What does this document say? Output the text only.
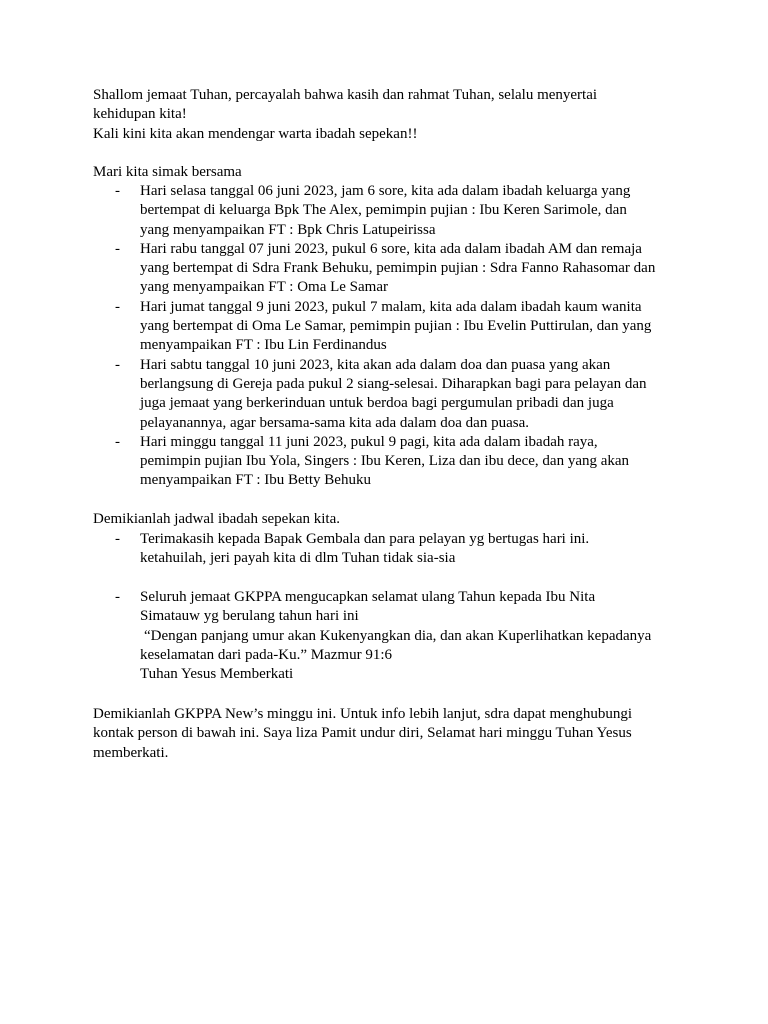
Shallom jemaat Tuhan, percayalah bahwa kasih dan rahmat Tuhan, selalu menyertai
kehidupan kita!
Kali kini kita akan mendengar warta ibadah sepekan!!

Mari kita simak bersama

- Hari selasa tanggal 06 juni 2023, jam 6 sore, kita ada dalam ibadah keluarga yang
bertempat di keluarga Bpk The Alex, pemimpin pujian : Ibu Keren Sarimole, dan
yang menyampaikan FT : Bpk Chris Latupeirissa
- Hari rabu tanggal 07 juni 2023, pukul 6 sore, kita ada dalam ibadah AM dan remaja
yang bertempat di Sdra Frank Behuku, pemimpin pujian : Sdra Fanno Rahasomar dan
yang menyampaikan FT : Oma Le Samar
- Hari jumat tanggal 9 juni 2023, pukul 7 malam, kita ada dalam ibadah kaum wanita
yang bertempat di Oma Le Samar, pemimpin pujian : Ibu Evelin Puttirulan, dan yang
menyampaikan FT : Ibu Lin Ferdinandus
- Hari sabtu tanggal 10 juni 2023, kita akan ada dalam doa dan puasa yang akan
berlangsung di Gereja pada pukul 2 siang-selesai. Diharapkan bagi para pelayan dan
juga jemaat yang berkerinduan untuk berdoa bagi pergumulan pribadi dan juga
pelayanannya, agar bersama-sama kita ada dalam doa dan puasa.
- Hari minggu tanggal 11 juni 2023, pukul 9 pagi, kita ada dalam ibadah raya,
pemimpin pujian Ibu Yola, Singers : Ibu Keren, Liza dan ibu dece, dan yang akan
menyampaikan FT : Ibu Betty Behuku

Demikianlah jadwal ibadah sepekan kita.

- Terimakasih kepada Bapak Gembala dan para pelayan yg bertugas hari ini.
ketahuilah, jeri payah kita di dlm Tuhan tidak sia-sia
- Seluruh jemaat GKPPA mengucapkan selamat ulang Tahun kepada Ibu Nita
Simatauw yg berulang tahun hari ini
“Dengan panjang umur akan Kukenyangkan dia, dan akan Kuperlihatkan kepadanya
keselamatan dari pada-Ku.” Mazmur 91:6
Tuhan Yesus Memberkati

Demikianlah GKPPA New’s minggu ini. Untuk info lebih lanjut, sdra dapat menghubungi
kontak person di bawah ini. Saya liza Pamit undur diri, Selamat hari minggu Tuhan Yesus
memberkati.
